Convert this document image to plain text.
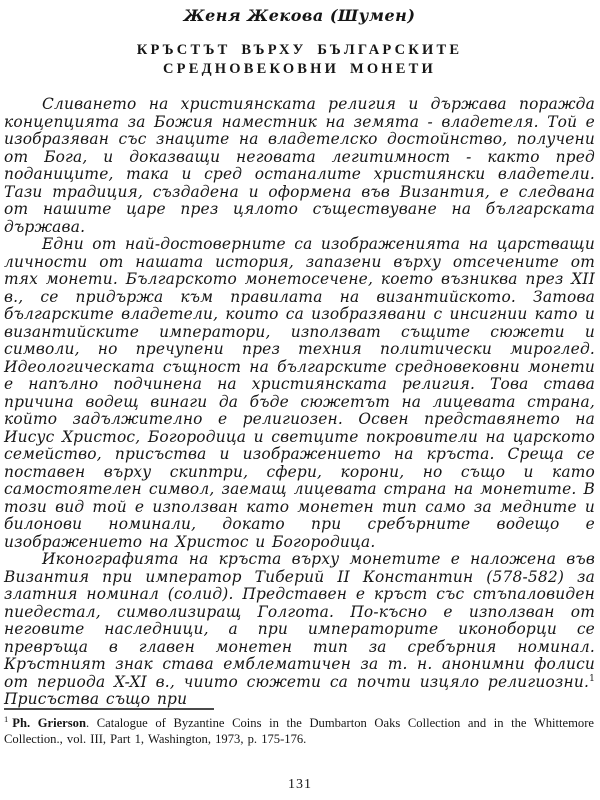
Женя Жекова (Шумен)
КРЪСТЪТ ВЪРХУ БЪЛГАРСКИТЕ
СРЕДНОВЕКОВНИ МОНЕТИ

Сливането на християнската религия и държава поражда концепцията за Божия наместник на земята - владетеля. Той е изобразяван със знаците на владетелско достойнство, получени от Бога, и доказващи неговата легитимност - както пред поданиците, така и сред останалите християнски владетели. Тази традиция, създадена и оформена във Византия, е следвана от нашите царе през цялото съществуване на българската държава.

Едни от най-достоверните са изображенията на царстващи личности от нашата история, запазени върху отсечените от тях монети. Българското монетосечене, което възниква през XII в., се придържа към правилата на византийското. Затова българските владетели, които са изобразявани с инсигнии като и византийските императори, използват същите сюжети и символи, но пречупени през техния политически мироглед. Идеологическата същност на българските средновековни монети е напълно подчинена на християнската религия. Това става причина водещ винаги да бъде сюжетът на лицевата страна, който задължително е религиозен. Освен представянето на Иисус Христос, Богородица и светците покровители на царското семейство, присъства и изображението на кръста. Среща се поставен върху скиптри, сфери, корони, но също и като самостоятелен символ, заемащ лицевата страна на монетите. В този вид той е използван като монетен тип само за медните и билонови номинали, докато при сребърните водещо е изображението на Христос и Богородица.

Иконографията на кръста върху монетите е наложена във Византия при император Тиберий II Константин (578-582) за златния номинал (солид). Представен е кръст със стъпаловиден пиедестал, символизиращ Голгота. По-късно е използван от неговите наследници, а при императорите иконоборци се превръща в главен монетен тип за сребърния номинал. Кръстният знак става емблематичен за т. н. анонимни фолиси от периода X-XI в., чиито сюжети са почти изцяло религиозни.$^1$ Присъства също при

$^1$ Ph. Grierson. Catalogue of Byzantine Coins in the Dumbarton Oaks Collection and in the Whittemore Collection., vol. III, Part 1, Washington, 1973, p. 175-176.

131
